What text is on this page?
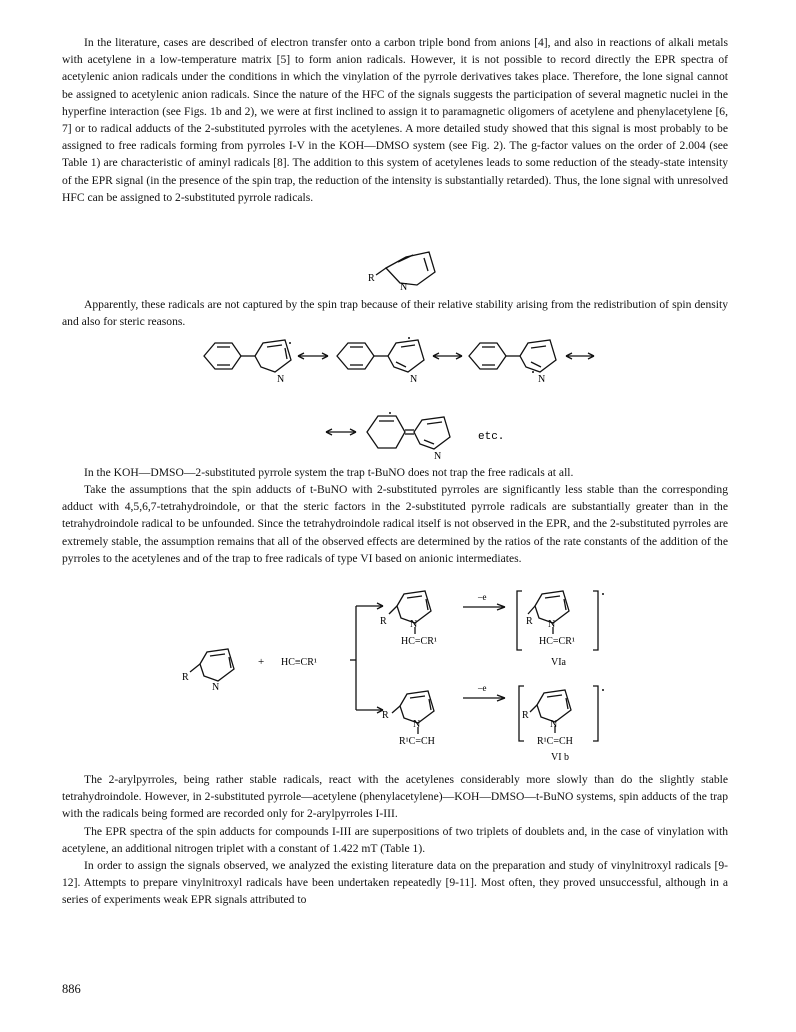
In the literature, cases are described of electron transfer onto a carbon triple bond from anions [4], and also in reactions of alkali metals with acetylene in a low-temperature matrix [5] to form anion radicals. However, it is not possible to record directly the EPR spectra of acetylenic anion radicals under the conditions in which the vinylation of the pyrrole derivatives takes place. Therefore, the lone signal cannot be assigned to acetylenic anion radicals. Since the nature of the HFC of the signals suggests the participation of several magnetic nuclei in the hyperfine interaction (see Figs. 1b and 2), we were at first inclined to assign it to paramagnetic oligomers of acetylene and phenylacetylene [6, 7] or to radical adducts of the 2-substituted pyrroles with the acetylenes. A more detailed study showed that this signal is most probably to be assigned to free radicals forming from pyrroles I-V in the KOH—DMSO system (see Fig. 2). The g-factor values on the order of 2.004 (see Table 1) are characteristic of aminyl radicals [8]. The addition to this system of acetylenes leads to some reduction of the steady-state intensity of the EPR signal (in the presence of the spin trap, the reduction of the intensity is substantially retarded). Thus, the lone signal with unresolved HFC can be assigned to 2-substituted pyrrole radicals.

R
N

Apparently, these radicals are not captured by the spin trap because of their relative stability arising from the redistribution of spin density and also for steric reasons.

N	N	N
N
etc.

In the KOH—DMSO—2-substituted pyrrole system the trap t-BuNO does not trap the free radicals at all.

Take the assumptions that the spin adducts of t-BuNO with 2-substituted pyrroles are significantly less stable than the corresponding adduct with 4,5,6,7-tetrahydroindole, or that the steric factors in the 2-substituted pyrrole radicals are substantially greater than in the tetrahydroindole radical to be unfounded. Since the tetrahydroindole radical itself is not observed in the EPR, and the 2-substituted pyrroles are extremely stable, the assumption remains that all of the observed effects are determined by the ratios of the rate constants of the addition of the pyrroles to the acetylenes and of the trap to free radicals of type VI based on anionic intermediates.

R
N
+ HC≡CR¹
R N
HC=CR¹
–e
R N
HC=CR¹
VIa
R
N
R¹C=CH
–e
R
N
R¹C=CH
VI b

The 2-arylpyrroles, being rather stable radicals, react with the acetylenes considerably more slowly than do the slightly stable tetrahydroindole. However, in 2-substituted pyrrole—acetylene (phenylacetylene)—KOH—DMSO—t-BuNO systems, spin adducts of the trap with the radicals being formed are recorded only for 2-arylpyrroles I-III.

The EPR spectra of the spin adducts for compounds I-III are superpositions of two triplets of doublets and, in the case of vinylation with acetylene, an additional nitrogen triplet with a constant of 1.422 mT (Table 1).

In order to assign the signals observed, we analyzed the existing literature data on the preparation and study of vinylnitroxyl radicals [9-12]. Attempts to prepare vinylnitroxyl radicals have been undertaken repeatedly [9-11]. Most often, they proved unsuccessful, although in a series of experiments weak EPR signals attributed to

886
